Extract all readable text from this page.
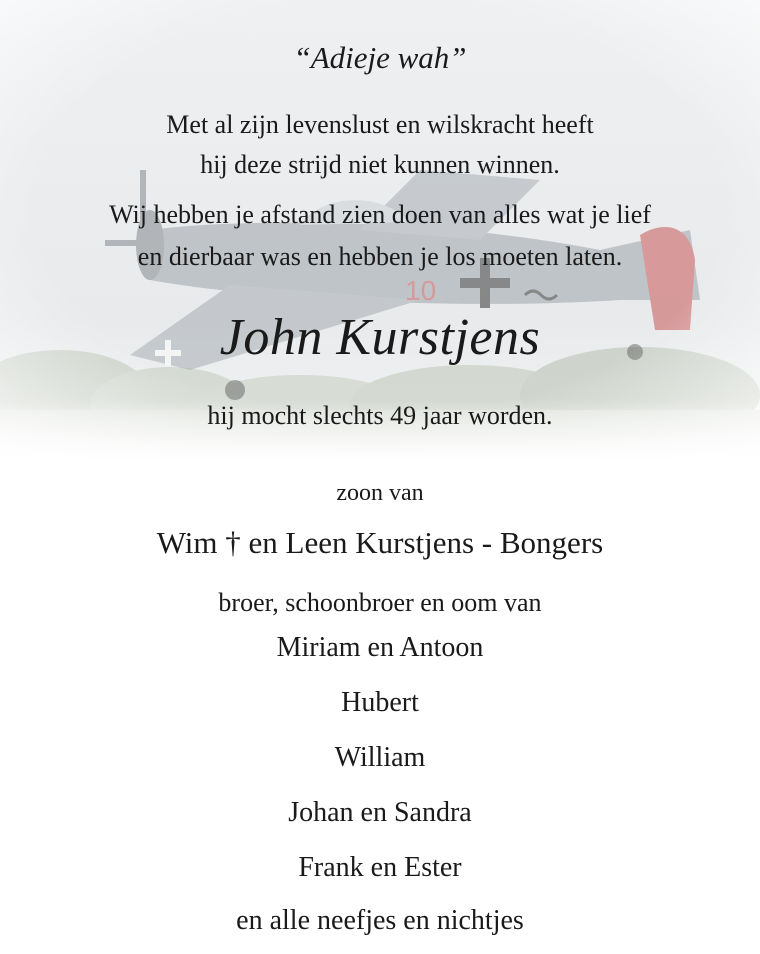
“Adieje wah”
Met al zijn levenslust en wilskracht heeft
hij deze strijd niet kunnen winnen.
Wij hebben je afstand zien doen van alles wat je lief
en dierbaar was en hebben je los moeten laten.
John Kurstjens
hij mocht slechts 49 jaar worden.
zoon van
Wim † en Leen Kurstjens - Bongers
broer, schoonbroer en oom van
Miriam en Antoon
Hubert
William
Johan en Sandra
Frank en Ester
en alle neefjes en nichtjes
